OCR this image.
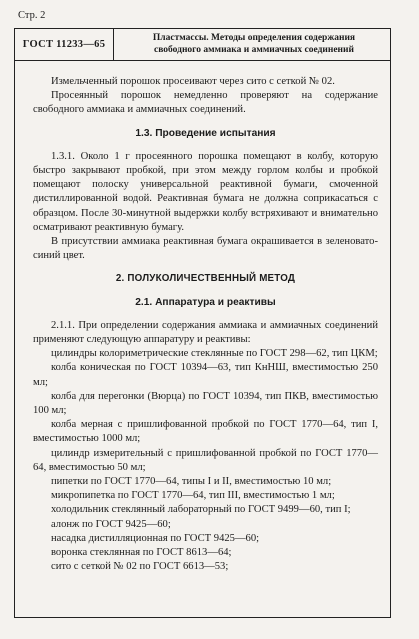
Стр. 2
ГОСТ 11233—65
Пластмассы. Методы определения содержания
свободного аммиака и аммиачных соединений

Измельченный порошок просеивают через сито с сеткой № 02.

Просеянный порошок немедленно проверяют на содержание свободного аммиака и аммиачных соединений.

1.3. Проведение испытания

1.3.1. Около 1 г просеянного порошка помещают в колбу, которую быстро закрывают пробкой, при этом между горлом колбы и пробкой помещают полоску универсальной реактивной бумаги, смоченной дистиллированной водой. Реактивная бумага не должна соприкасаться с образцом. После 30-минутной выдержки колбу встряхивают и внимательно осматривают реактивную бумагу.

В присутствии аммиака реактивная бумага окрашивается в зеленовато-синий цвет.

2. ПОЛУКОЛИЧЕСТВЕННЫЙ МЕТОД
2.1. Аппаратура и реактивы

2.1.1. При определении содержания аммиака и аммиачных соединений применяют следующую аппаратуру и реактивы:

цилиндры колориметрические стеклянные по ГОСТ 298—62, тип ЦКМ;

колба коническая по ГОСТ 10394—63, тип КнНШ, вместимостью 250 мл;

колба для перегонки (Вюрца) по ГОСТ 10394, тип ПКВ, вместимостью 100 мл;

колба мерная с пришлифованной пробкой по ГОСТ 1770—64, тип I, вместимостью 1000 мл;

цилиндр измерительный с пришлифованной пробкой по ГОСТ 1770—64, вместимостью 50 мл;

пипетки по ГОСТ 1770—64, типы I и II, вместимостью 10 мл;

микропипетка по ГОСТ 1770—64, тип III, вместимостью 1 мл;

холодильник стеклянный лабораторный по ГОСТ 9499—60, тип I;

алонж по ГОСТ 9425—60;

насадка дистилляционная по ГОСТ 9425—60;

воронка стеклянная по ГОСТ 8613—64;

сито с сеткой № 02 по ГОСТ 6613—53;
